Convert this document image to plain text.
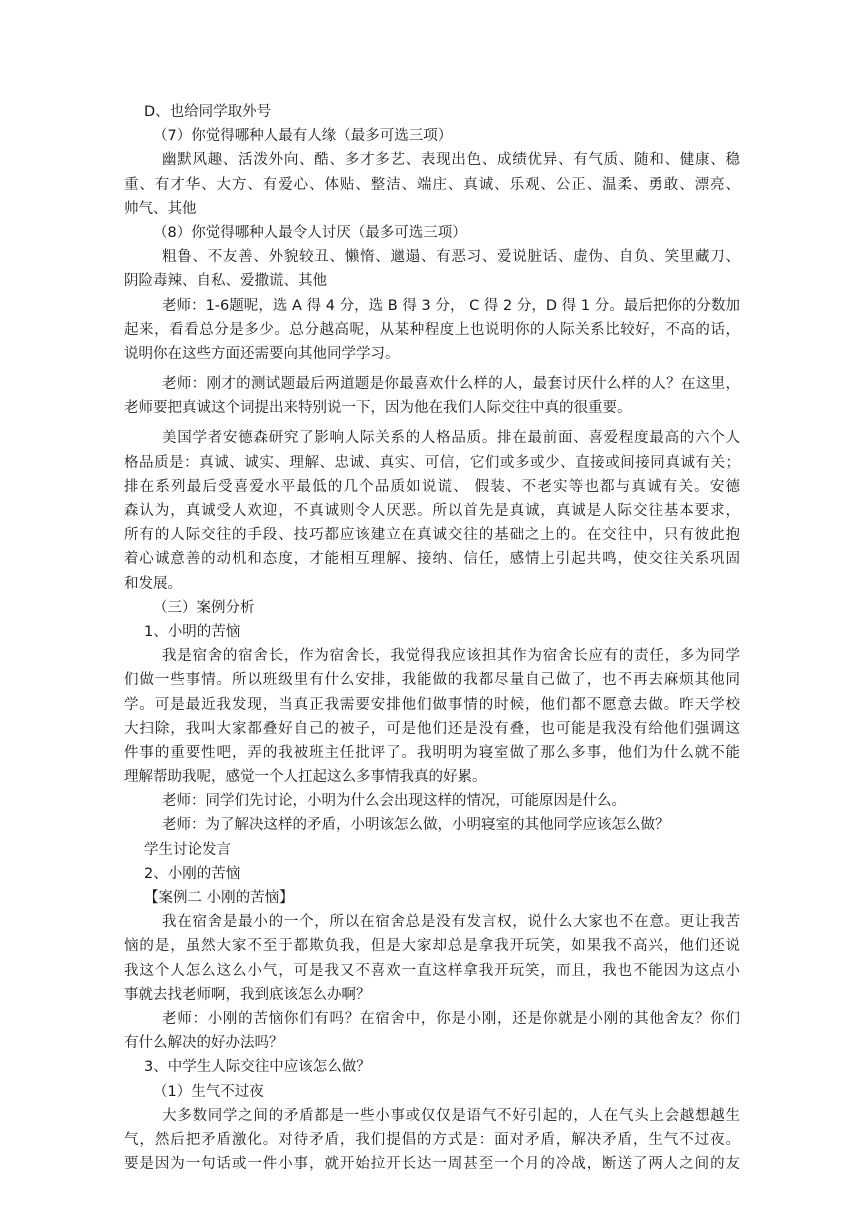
D、也给同学取外号
（7）你觉得哪种人最有人缘（最多可选三项）
幽默风趣、活泼外向、酷、多才多艺、表现出色、成绩优异、有气质、随和、健康、稳
重、有才华、大方、有爱心、体贴、整洁、端庄、真诚、乐观、公正、温柔、勇敢、漂亮、
帅气、其他
（8）你觉得哪种人最令人讨厌（最多可选三项）
粗鲁、不友善、外貌较丑、懒惰、邋遢、有恶习、爱说脏话、虚伪、自负、笑里藏刀、
阴险毒辣、自私、爱撒谎、其他
老师：1-6题呢，选 A 得 4 分，选 B 得 3 分， C 得 2 分，D 得 1 分。最后把你的分数加
起来，看看总分是多少。总分越高呢，从某种程度上也说明你的人际关系比较好，不高的话，
说明你在这些方面还需要向其他同学学习。
老师：刚才的测试题最后两道题是你最喜欢什么样的人，最套讨厌什么样的人？在这里，
老师要把真诚这个词提出来特别说一下，因为他在我们人际交往中真的很重要。
美国学者安德森研究了影响人际关系的人格品质。排在最前面、喜爱程度最高的六个人
格品质是：真诚、诚实、理解、忠诚、真实、可信，它们或多或少、直接或间接同真诚有关；
排在系列最后受喜爱水平最低的几个品质如说谎、 假装、不老实等也都与真诚有关。安德
森认为，真诚受人欢迎，不真诚则令人厌恶。所以首先是真诚，真诚是人际交往基本要求，
所有的人际交往的手段、技巧都应该建立在真诚交往的基础之上的。在交往中，只有彼此抱
着心诚意善的动机和态度，才能相互理解、接纳、信任，感情上引起共鸣，使交往关系巩固
和发展。
（三）案例分析
1、小明的苦恼
我是宿舍的宿舍长，作为宿舍长，我觉得我应该担其作为宿舍长应有的责任，多为同学
们做一些事情。所以班级里有什么安排，我能做的我都尽量自己做了，也不再去麻烦其他同
学。可是最近我发现，当真正我需要安排他们做事情的时候，他们都不愿意去做。昨天学校
大扫除，我叫大家都叠好自己的被子，可是他们还是没有叠，也可能是我没有给他们强调这
件事的重要性吧，弄的我被班主任批评了。我明明为寝室做了那么多事，他们为什么就不能
理解帮助我呢，感觉一个人扛起这么多事情我真的好累。
老师：同学们先讨论，小明为什么会出现这样的情况，可能原因是什么。
老师：为了解决这样的矛盾，小明该怎么做，小明寝室的其他同学应该怎么做？
学生讨论发言
2、小刚的苦恼
【案例二 小刚的苦恼】
我在宿舍是最小的一个，所以在宿舍总是没有发言权，说什么大家也不在意。更让我苦
恼的是，虽然大家不至于都欺负我，但是大家却总是拿我开玩笑，如果我不高兴，他们还说
我这个人怎么这么小气，可是我又不喜欢一直这样拿我开玩笑，而且，我也不能因为这点小
事就去找老师啊，我到底该怎么办啊？
老师：小刚的苦恼你们有吗？在宿舍中，你是小刚，还是你就是小刚的其他舍友？你们
有什么解决的好办法吗？
3、中学生人际交往中应该怎么做？
（1）生气不过夜
大多数同学之间的矛盾都是一些小事或仅仅是语气不好引起的，人在气头上会越想越生
气，然后把矛盾激化。对待矛盾，我们提倡的方式是：面对矛盾，解决矛盾，生气不过夜。
要是因为一句话或一件小事，就开始拉开长达一周甚至一个月的冷战，断送了两人之间的友
